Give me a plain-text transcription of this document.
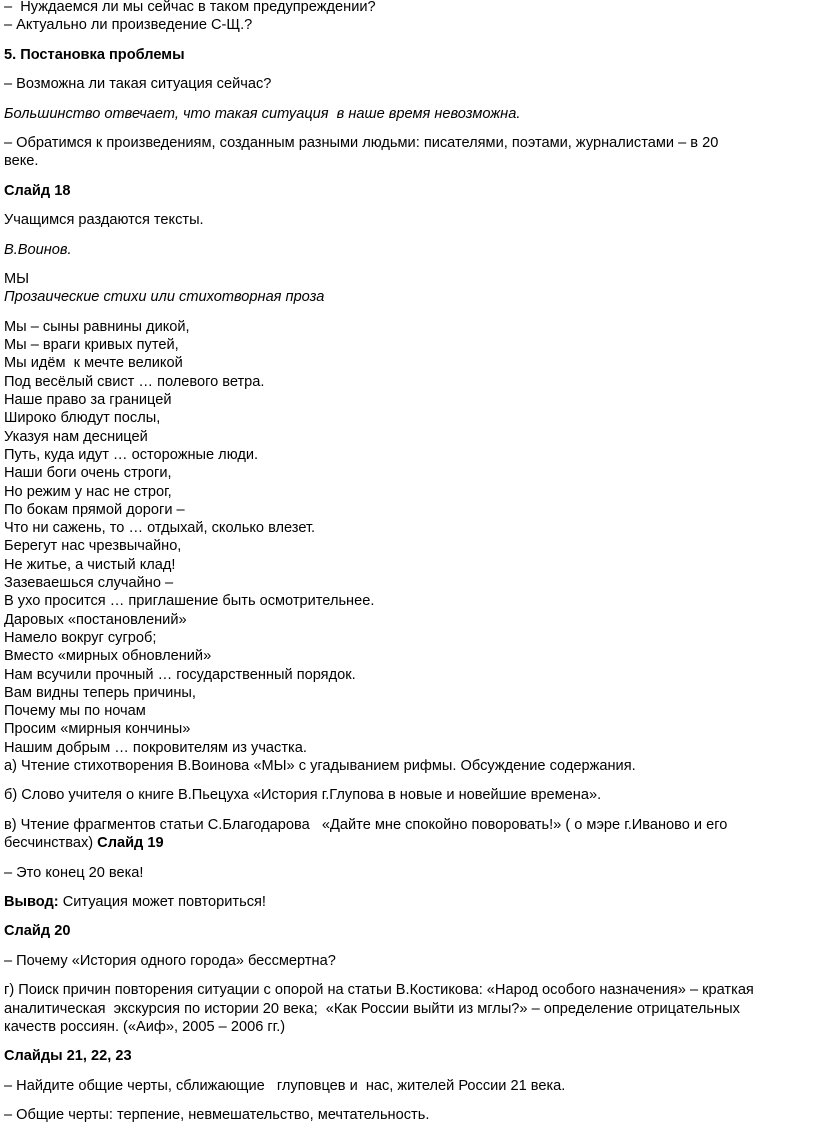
–  Нуждаемся ли мы сейчас в таком предупреждении?

– Актуально ли произведение С-Щ.?

5. Постановка проблемы

– Возможна ли такая ситуация сейчас?

Большинство отвечает, что такая ситуация  в наше время невозможна.

– Обратимся к произведениям, созданным разными людьми: писателями, поэтами, журналистами – в 20

веке.

Слайд 18

Учащимся раздаются тексты.

В.Воинов.

МЫ

Прозаические стихи или стихотворная проза

Мы – сыны равнины дикой,

Мы – враги кривых путей,

Мы идём  к мечте великой

Под весёлый свист … полевого ветра.

Наше право за границей

Широко блюдут послы,

Указуя нам десницей

Путь, куда идут … осторожные люди.

Наши боги очень строги,

Но режим у нас не строг,

По бокам прямой дороги –

Что ни сажень, то … отдыхай, сколько влезет.

Берегут нас чрезвычайно,

Не житье, а чистый клад!

Зазеваешься случайно –

В ухо просится … приглашение быть осмотрительнее.

Даровых «постановлений»

Намело вокруг сугроб;

Вместо «мирных обновлений»

Нам всучили прочный … государственный порядок.

Вам видны теперь причины,

Почему мы по ночам

Просим «мирныя кончины»

Нашим добрым … покровителям из участка.

а) Чтение стихотворения В.Воинова «МЫ» с угадыванием рифмы. Обсуждение содержания.

б) Слово учителя о книге В.Пьецуха «История г.Глупова в новые и новейшие времена».

в) Чтение фрагментов статьи С.Благодарова   «Дайте мне спокойно поворовать!» ( о мэре г.Иваново и его

бесчинствах) Слайд 19

– Это конец 20 века!

Вывод: Ситуация может повториться!

Слайд 20

– Почему «История одного города» бессмертна?

г) Поиск причин повторения ситуации с опорой на статьи В.Костикова: «Народ особого назначения» – краткая

аналитическая  экскурсия по истории 20 века;  «Как России выйти из мглы?» – определение отрицательных

качеств россиян. («Аиф», 2005 – 2006 гг.)

Слайды 21, 22, 23

– Найдите общие черты, сближающие   глуповцев и  нас, жителей России 21 века.

– Общие черты: терпение, невмешательство, мечтательность.
